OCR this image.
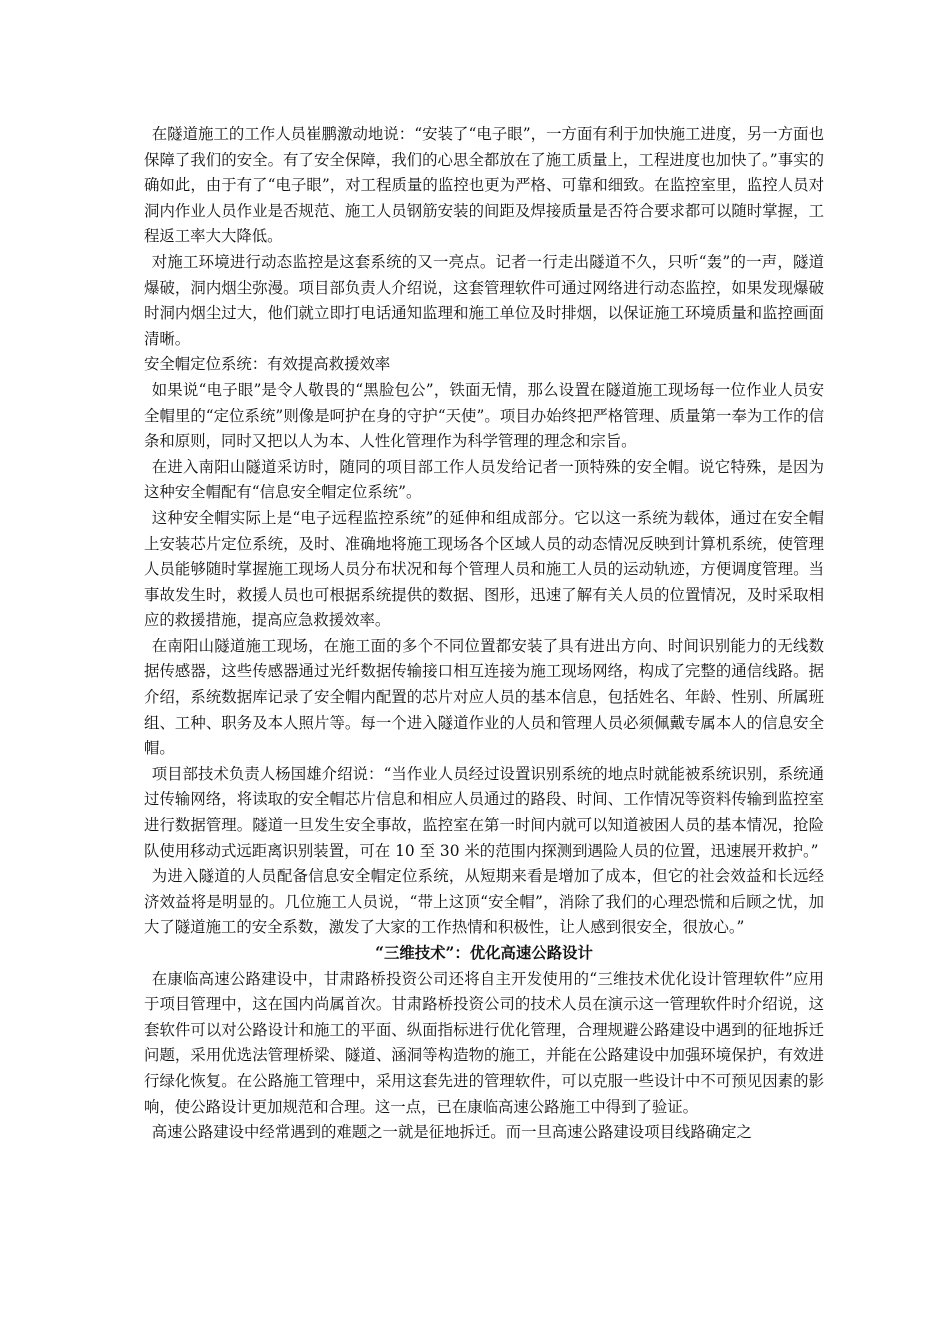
在隧道施工的工作人员崔鹏激动地说：“安装了“电子眼”，一方面有利于加快施工进度，另一方面也保障了我们的安全。有了安全保障，我们的心思全都放在了施工质量上，工程进度也加快了。”事实的确如此，由于有了“电子眼”，对工程质量的监控也更为严格、可靠和细致。在监控室里，监控人员对洞内作业人员作业是否规范、施工人员钢筋安装的间距及焊接质量是否符合要求都可以随时掌握，工程返工率大大降低。

对施工环境进行动态监控是这套系统的又一亮点。记者一行走出隧道不久，只听“轰”的一声，隧道爆破，洞内烟尘弥漫。项目部负责人介绍说，这套管理软件可通过网络进行动态监控，如果发现爆破时洞内烟尘过大，他们就立即打电话通知监理和施工单位及时排烟，以保证施工环境质量和监控画面清晰。

安全帽定位系统：有效提高救援效率

如果说“电子眼”是令人敬畏的“黑脸包公”，铁面无情，那么设置在隧道施工现场每一位作业人员安全帽里的“定位系统”则像是呵护在身的守护“天使”。项目办始终把严格管理、质量第一奉为工作的信条和原则，同时又把以人为本、人性化管理作为科学管理的理念和宗旨。

在进入南阳山隧道采访时，随同的项目部工作人员发给记者一顶特殊的安全帽。说它特殊，是因为这种安全帽配有“信息安全帽定位系统”。

这种安全帽实际上是“电子远程监控系统”的延伸和组成部分。它以这一系统为载体，通过在安全帽上安装芯片定位系统，及时、准确地将施工现场各个区域人员的动态情况反映到计算机系统，使管理人员能够随时掌握施工现场人员分布状况和每个管理人员和施工人员的运动轨迹，方便调度管理。当事故发生时，救援人员也可根据系统提供的数据、图形，迅速了解有关人员的位置情况，及时采取相应的救援措施，提高应急救援效率。

在南阳山隧道施工现场，在施工面的多个不同位置都安装了具有进出方向、时间识别能力的无线数据传感器，这些传感器通过光纤数据传输接口相互连接为施工现场网络，构成了完整的通信线路。据介绍，系统数据库记录了安全帽内配置的芯片对应人员的基本信息，包括姓名、年龄、性别、所属班组、工种、职务及本人照片等。每一个进入隧道作业的人员和管理人员必须佩戴专属本人的信息安全帽。

项目部技术负责人杨国雄介绍说：“当作业人员经过设置识别系统的地点时就能被系统识别，系统通过传输网络，将读取的安全帽芯片信息和相应人员通过的路段、时间、工作情况等资料传输到监控室进行数据管理。隧道一旦发生安全事故，监控室在第一时间内就可以知道被困人员的基本情况，抢险队使用移动式远距离识别装置，可在 10 至 30 米的范围内探测到遇险人员的位置，迅速展开救护。”

为进入隧道的人员配备信息安全帽定位系统，从短期来看是增加了成本，但它的社会效益和长远经济效益将是明显的。几位施工人员说，“带上这顶“安全帽”，消除了我们的心理恐慌和后顾之忧，加大了隧道施工的安全系数，激发了大家的工作热情和积极性，让人感到很安全，很放心。”

“三维技术”：优化高速公路设计

在康临高速公路建设中，甘肃路桥投资公司还将自主开发使用的“三维技术优化设计管理软件”应用于项目管理中，这在国内尚属首次。甘肃路桥投资公司的技术人员在演示这一管理软件时介绍说，这套软件可以对公路设计和施工的平面、纵面指标进行优化管理，合理规避公路建设中遇到的征地拆迁问题，采用优选法管理桥梁、隧道、涵洞等构造物的施工，并能在公路建设中加强环境保护，有效进行绿化恢复。在公路施工管理中，采用这套先进的管理软件，可以克服一些设计中不可预见因素的影响，使公路设计更加规范和合理。这一点，已在康临高速公路施工中得到了验证。

高速公路建设中经常遇到的难题之一就是征地拆迁。而一旦高速公路建设项目线路确定之
